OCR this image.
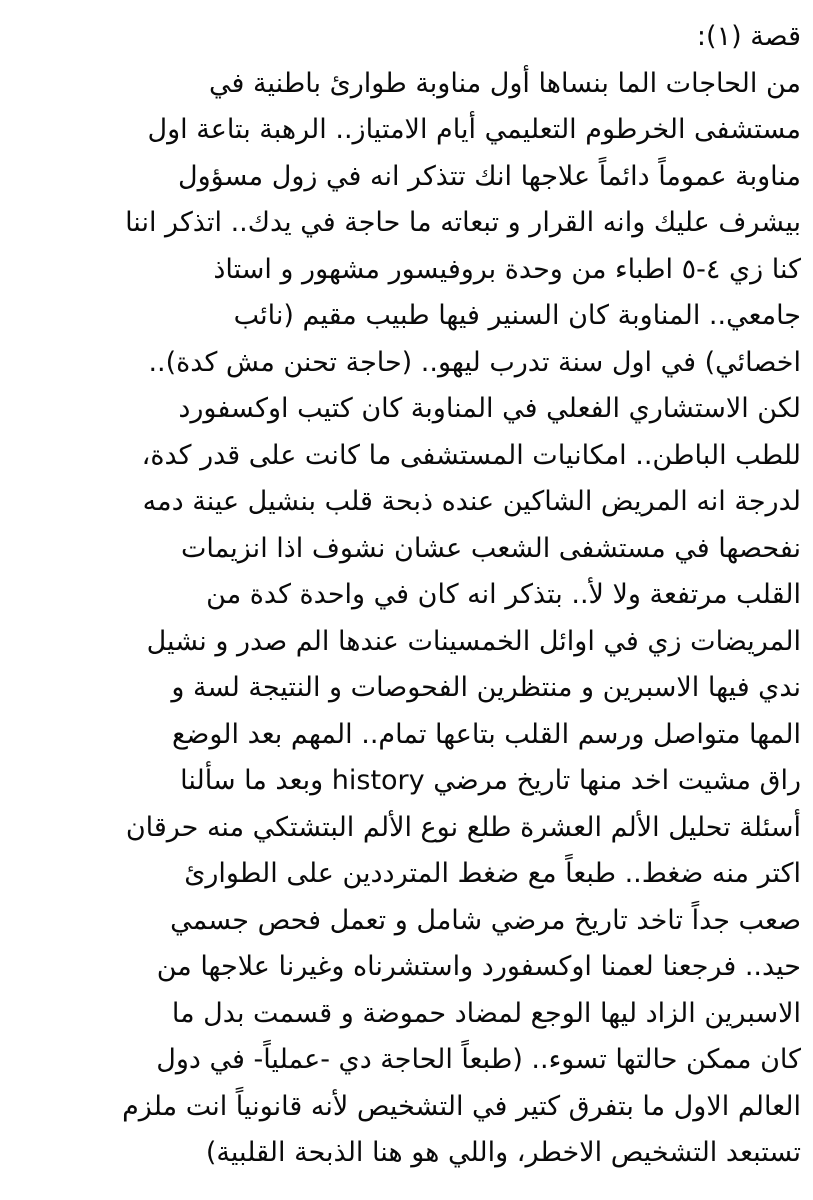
قصة (١):
من الحاجات الما بنساها أول مناوبة طوارئ باطنية في
مستشفى الخرطوم التعليمي أيام الامتياز.. الرهبة بتاعة اول
مناوبة عموماً دائماً علاجها انك تتذكر انه في زول مسؤول
بيشرف عليك وانه القرار و تبعاته ما حاجة في يدك.. اتذكر اننا
كنا زي ٤-٥ اطباء من وحدة بروفيسور مشهور و استاذ
جامعي.. المناوبة كان السنير فيها طبيب مقيم (نائب
اخصائي) في اول سنة تدرب ليهو.. (حاجة تحنن مش كدة)..
لكن الاستشاري الفعلي في المناوبة كان كتيب اوكسفورد
للطب الباطن.. امكانيات المستشفى ما كانت على قدر كدة،
لدرجة انه المريض الشاكين عنده ذبحة قلب بنشيل عينة دمه
نفحصها في مستشفى الشعب عشان نشوف اذا انزيمات
القلب مرتفعة ولا لأ.. بتذكر انه كان في واحدة كدة من
المريضات زي في اوائل الخمسينات عندها الم صدر و نشيل
ندي فيها الاسبرين و منتظرين الفحوصات و النتيجة لسة و
المها متواصل ورسم القلب بتاعها تمام.. المهم بعد الوضع
راق مشيت اخد منها تاريخ مرضي history وبعد ما سألنا
أسئلة تحليل الألم العشرة طلع نوع الألم البتشتكي منه حرقان
اكتر منه ضغط.. طبعاً مع ضغط المترددين على الطوارئ
صعب جداً تاخد تاريخ مرضي شامل و تعمل فحص جسمي
حيد.. فرجعنا لعمنا اوكسفورد واستشرناه وغيرنا علاجها من
الاسبرين الزاد ليها الوجع لمضاد حموضة و قسمت بدل ما
كان ممكن حالتها تسوء.. (طبعاً الحاجة دي -عملياً- في دول
العالم الاول ما بتفرق كتير في التشخيص لأنه قانونياً انت ملزم
تستبعد التشخيص الاخطر، واللي هو هنا الذبحة القلبية)
